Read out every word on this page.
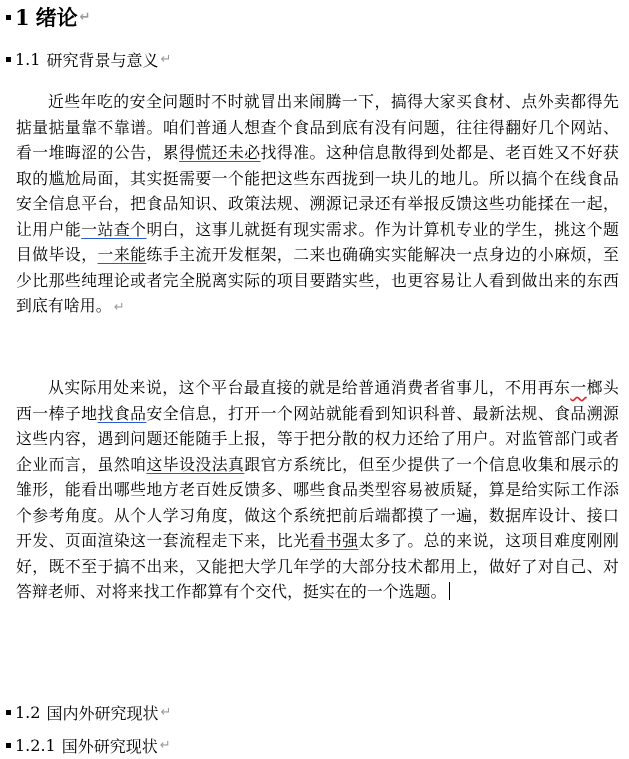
1 绪论 ↵
1.1 研究背景与意义 ↵
近些年吃的安全问题时不时就冒出来闹腾一下，搞得大家买食材、点外卖都得先掂量掂量靠不靠谱。咱们普通人想查个食品到底有没有问题，往往得翻好几个网站、看一堆晦涩的公告，累得慌还未必找得准。这种信息散得到处都是、老百姓又不好获取的尴尬局面，其实挺需要一个能把这些东西拢到一块儿的地儿。所以搞个在线食品安全信息平台，把食品知识、政策法规、溯源记录还有举报反馈这些功能揉在一起，让用户能一站查个明白，这事儿就挺有现实需求。作为计算机专业的学生，挑这个题目做毕设，一来能练手主流开发框架，二来也确确实实能解决一点身边的小麻烦，至少比那些纯理论或者完全脱离实际的项目要踏实些，也更容易让人看到做出来的东西到底有啥用。 ↵
从实际用处来说，这个平台最直接的就是给普通消费者省事儿，不用再东一榔头西一棒子地找食品安全信息，打开一个网站就能看到知识科普、最新法规、食品溯源这些内容，遇到问题还能随手上报，等于把分散的权力还给了用户。对监管部门或者企业而言，虽然咱这毕设没法真跟官方系统比，但至少提供了一个信息收集和展示的雏形，能看出哪些地方老百姓反馈多、哪些食品类型容易被质疑，算是给实际工作添个参考角度。从个人学习角度，做这个系统把前后端都摸了一遍，数据库设计、接口开发、页面渲染这一套流程走下来，比光看书强太多了。总的来说，这项目难度刚刚好，既不至于搞不出来，又能把大学几年学的大部分技术都用上，做好了对自己、对答辩老师、对将来找工作都算有个交代，挺实在的一个选题。
1.2 国内外研究现状 ↵
1.2.1 国外研究现状 ↵
